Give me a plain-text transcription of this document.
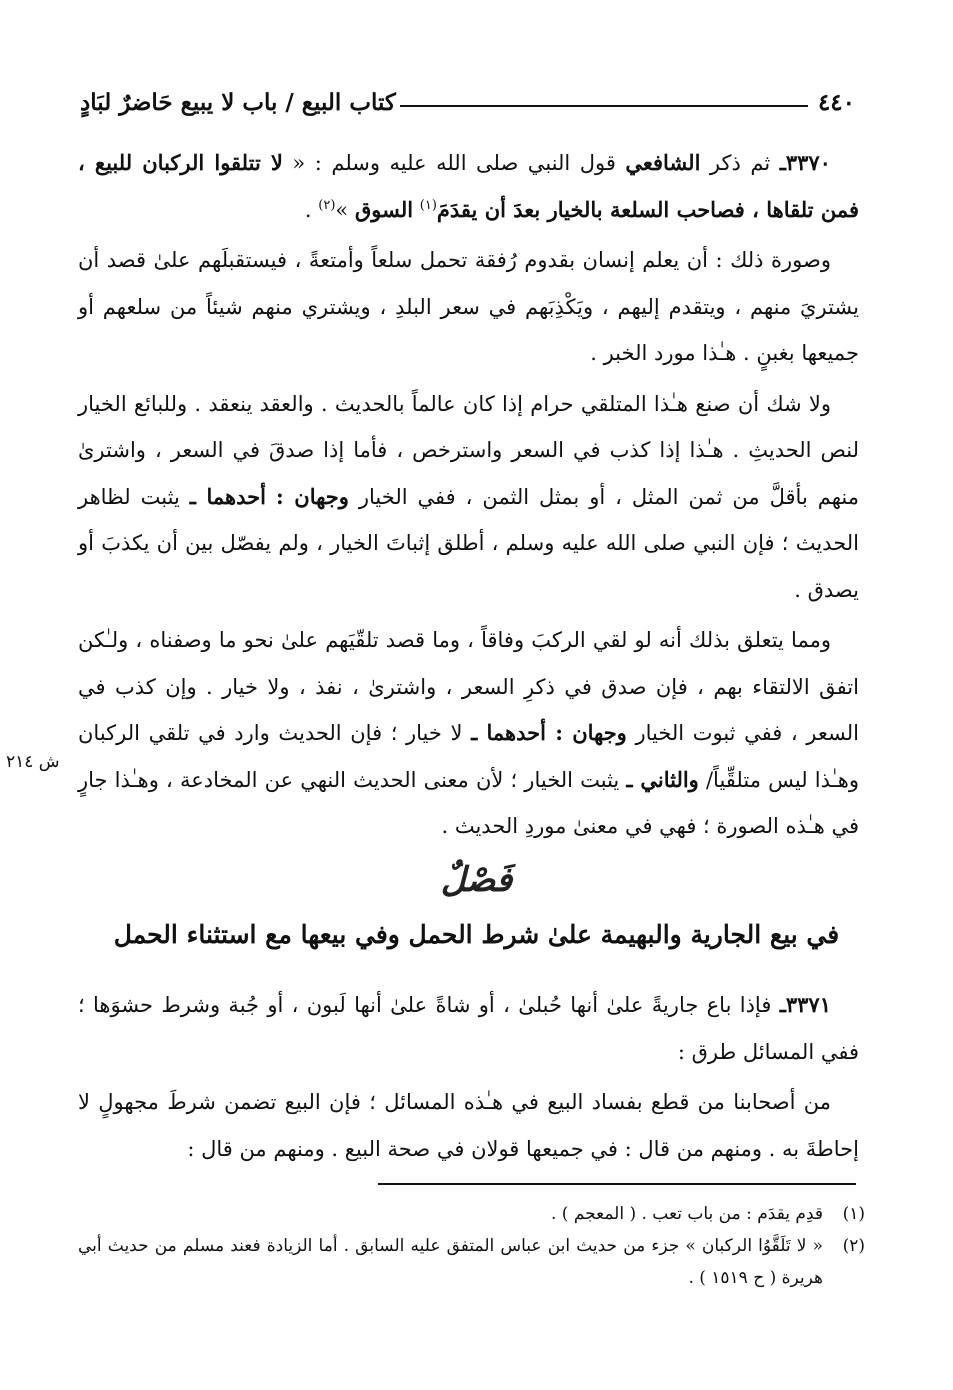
٤٤٠
كتاب البيع / باب لا يبيع حَاضرٌ لبَادٍ

٣٣٧٠ـ ثم ذكر الشافعي قول النبي صلى الله عليه وسلم : « لا تتلقوا الركبان للبيع ، فمن تلقاها ، فصاحب السلعة بالخيار بعدَ أن يقدَمَ$^{(١)}$ السوق »$^{(٢)}$ .

وصورة ذلك : أن يعلم إنسان بقدوم رُفقة تحمل سلعاً وأمتعةً ، فيستقبلَهم علىٰ قصد أن يشتريَ منهم ، ويتقدم إليهم ، ويَكْذِبَهم في سعر البلدِ ، ويشتري منهم شيئاً من سلعهم أو جميعها بغبنٍ . هـٰذا مورد الخبر .

ولا شك أن صنع هـٰذا المتلقي حرام إذا كان عالماً بالحديث . والعقد ينعقد . وللبائع الخيار لنص الحديثِ . هـٰذا إذا كذب في السعر واسترخص ، فأما إذا صدقَ في السعر ، واشترىٰ منهم بأقلَّ من ثمن المثل ، أو بمثل الثمن ، ففي الخيار وجهان : أحدهما ـ يثبت لظاهر الحديث ؛ فإن النبي صلى الله عليه وسلم ، أطلق إثباتَ الخيار ، ولم يفصّل بين أن يكذبَ أو يصدق .

ومما يتعلق بذلك أنه لو لقي الركبَ وفاقاً ، وما قصد تلقّيَهم علىٰ نحو ما وصفناه ، ولـٰكن اتفق الالتقاء بهم ، فإن صدق في ذكرِ السعر ، واشترىٰ ، نفذ ، ولا خيار . وإن كذب في السعر ، ففي ثبوت الخيار وجهان : أحدهما ـ لا خيار ؛ فإن الحديث وارد في تلقي الركبان وهـٰذا ليس متلقِّياً/ والثاني ـ يثبت الخيار ؛ لأن معنى الحديث النهي عن المخادعة ، وهـٰذا جارٍ في هـٰذه الصورة ؛ فهي في معنىٰ موردِ الحديث .

ش ٢١٤
فَصْلٌ
في بيع الجارية والبهيمة علىٰ شرط الحمل وفي بيعها مع استثناء الحمل

٣٣٧١ـ فإذا باع جاريةً علىٰ أنها حُبلىٰ ، أو شاةً علىٰ أنها لَبون ، أو جُبة وشرط حشوَها ؛ ففي المسائل طرق :

من أصحابنا من قطع بفساد البيع في هـٰذه المسائل ؛ فإن البيع تضمن شرطَ مجهولٍ لا إحاطةَ به . ومنهم من قال : في جميعها قولان في صحة البيع . ومنهم من قال :

(١)
قدِم يقدَم : من باب تعب . ( المعجم ) .
(٢)
« لا تَلَقَّوُا الركبان » جزء من حديث ابن عباس المتفق عليه السابق . أما الزيادة فعند مسلم من حديث أبي هريرة ( ح ١٥١٩ ) .
